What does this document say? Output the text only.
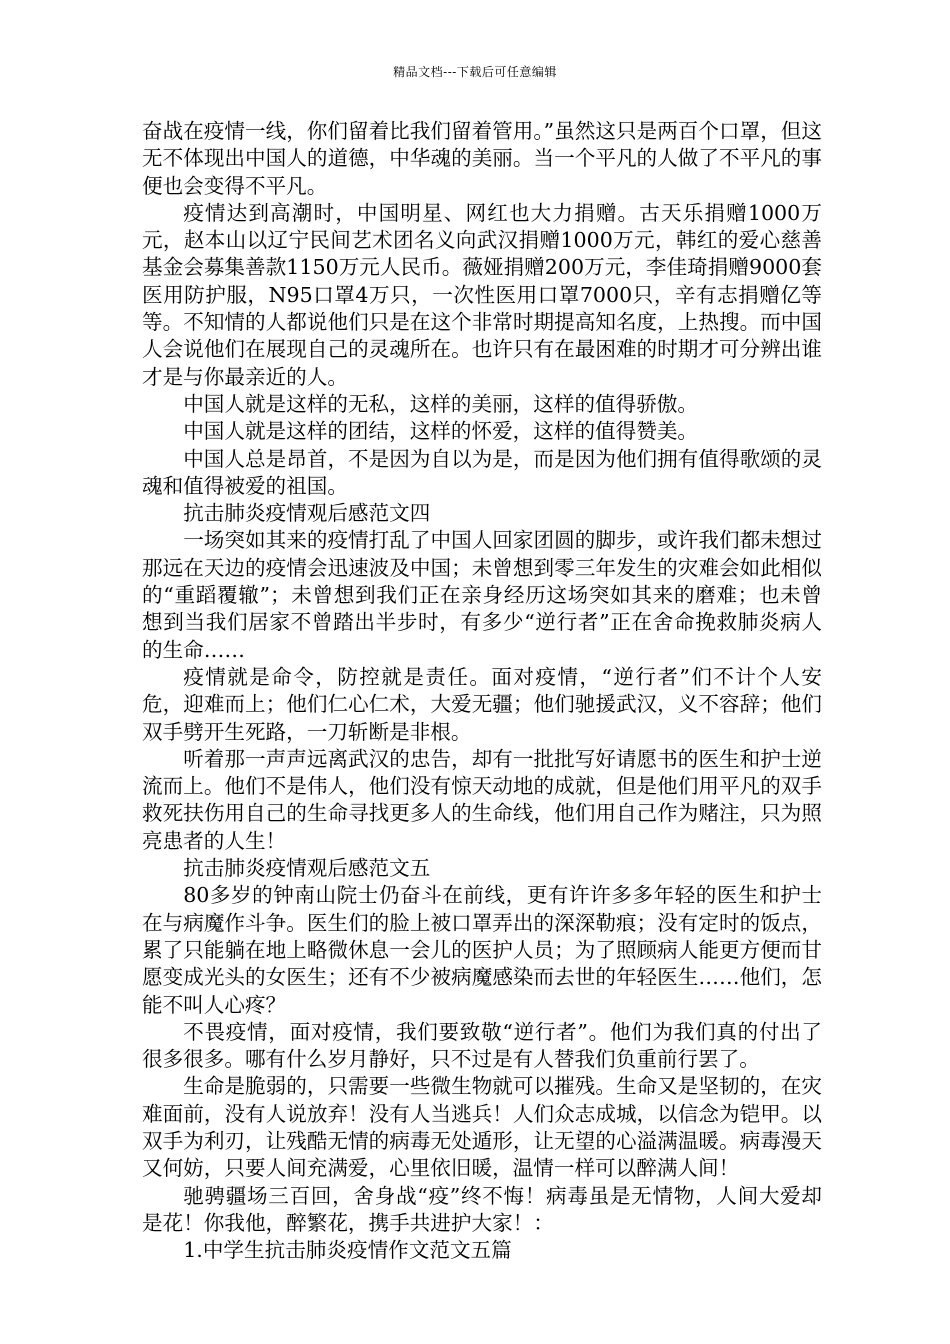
精品文档---下载后可任意编辑

奋战在疫情一线，你们留着比我们留着管用。”虽然这只是两百个口罩，但这无不体现出中国人的道德，中华魂的美丽。当一个平凡的人做了不平凡的事便也会变得不平凡。

疫情达到高潮时，中国明星、网红也大力捐赠。古天乐捐赠1000万元，赵本山以辽宁民间艺术团名义向武汉捐赠1000万元，韩红的爱心慈善基金会募集善款1150万元人民币。薇娅捐赠200万元，李佳琦捐赠9000套医用防护服，N95口罩4万只，一次性医用口罩7000只，辛有志捐赠亿等等。不知情的人都说他们只是在这个非常时期提高知名度，上热搜。而中国人会说他们在展现自己的灵魂所在。也许只有在最困难的时期才可分辨出谁才是与你最亲近的人。

中国人就是这样的无私，这样的美丽，这样的值得骄傲。

中国人就是这样的团结，这样的怀爱，这样的值得赞美。

中国人总是昂首，不是因为自以为是，而是因为他们拥有值得歌颂的灵魂和值得被爱的祖国。

抗击肺炎疫情观后感范文四

一场突如其来的疫情打乱了中国人回家团圆的脚步，或许我们都未想过那远在天边的疫情会迅速波及中国；未曾想到零三年发生的灾难会如此相似的“重蹈覆辙”；未曾想到我们正在亲身经历这场突如其来的磨难；也未曾想到当我们居家不曾踏出半步时，有多少“逆行者”正在舍命挽救肺炎病人的生命……

疫情就是命令，防控就是责任。面对疫情，“逆行者”们不计个人安危，迎难而上；他们仁心仁术，大爱无疆；他们驰援武汉，义不容辞；他们双手劈开生死路，一刀斩断是非根。

听着那一声声远离武汉的忠告，却有一批批写好请愿书的医生和护士逆流而上。他们不是伟人，他们没有惊天动地的成就，但是他们用平凡的双手救死扶伤用自己的生命寻找更多人的生命线，他们用自己作为赌注，只为照亮患者的人生！

抗击肺炎疫情观后感范文五

80多岁的钟南山院士仍奋斗在前线，更有许许多多年轻的医生和护士在与病魔作斗争。医生们的脸上被口罩弄出的深深勒痕；没有定时的饭点，累了只能躺在地上略微休息一会儿的医护人员；为了照顾病人能更方便而甘愿变成光头的女医生；还有不少被病魔感染而去世的年轻医生……他们，怎能不叫人心疼？

不畏疫情，面对疫情，我们要致敬“逆行者”。他们为我们真的付出了很多很多。哪有什么岁月静好，只不过是有人替我们负重前行罢了。

生命是脆弱的，只需要一些微生物就可以摧残。生命又是坚韧的，在灾难面前，没有人说放弃！没有人当逃兵！人们众志成城，以信念为铠甲。以双手为利刃，让残酷无情的病毒无处遁形，让无望的心溢满温暖。病毒漫天又何妨，只要人间充满爱，心里依旧暖，温情一样可以醉满人间！

驰骋疆场三百回，舍身战“疫”终不悔！病毒虽是无情物，人间大爱却是花！你我他，醉繁花，携手共进护大家！：

1.中学生抗击肺炎疫情作文范文五篇
